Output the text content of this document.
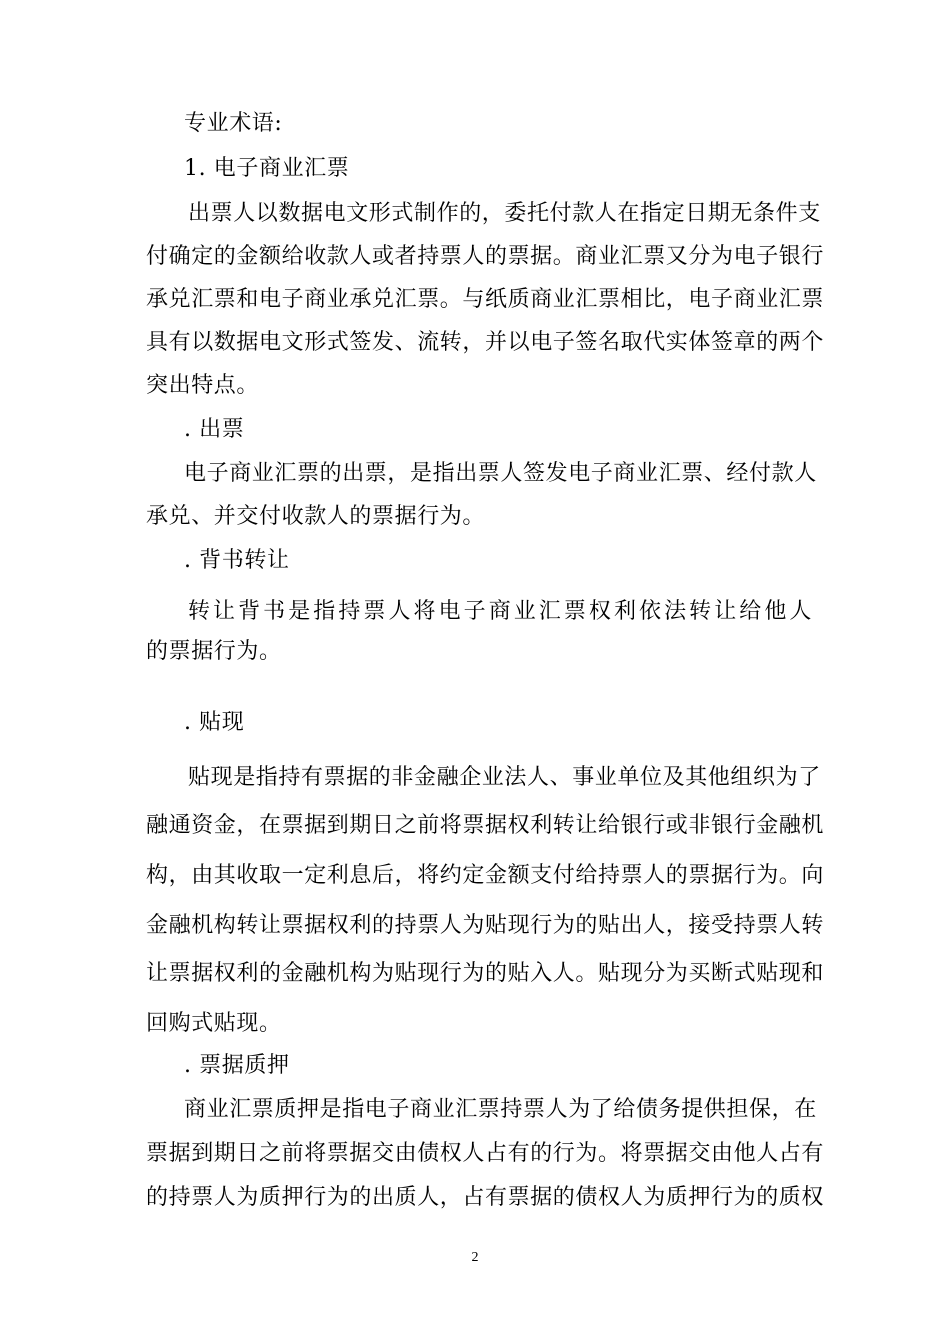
专业术语:
1. 电子商业汇票
出票人以数据电文形式制作的，委托付款人在指定日期无条件支
付确定的金额给收款人或者持票人的票据。商业汇票又分为电子银行
承兑汇票和电子商业承兑汇票。与纸质商业汇票相比，电子商业汇票
具有以数据电文形式签发、流转，并以电子签名取代实体签章的两个
突出特点。
. 出票
电子商业汇票的出票，是指出票人签发电子商业汇票、经付款人
承兑、并交付收款人的票据行为。
. 背书转让
转让背书是指持票人将电子商业汇票权利依法转让给他人
的票据行为。
. 贴现
贴现是指持有票据的非金融企业法人、事业单位及其他组织为了
融通资金，在票据到期日之前将票据权利转让给银行或非银行金融机
构，由其收取一定利息后，将约定金额支付给持票人的票据行为。向
金融机构转让票据权利的持票人为贴现行为的贴出人，接受持票人转
让票据权利的金融机构为贴现行为的贴入人。贴现分为买断式贴现和
回购式贴现。
. 票据质押
商业汇票质押是指电子商业汇票持票人为了给债务提供担保，在
票据到期日之前将票据交由债权人占有的行为。将票据交由他人占有
的持票人为质押行为的出质人，占有票据的债权人为质押行为的质权
2
